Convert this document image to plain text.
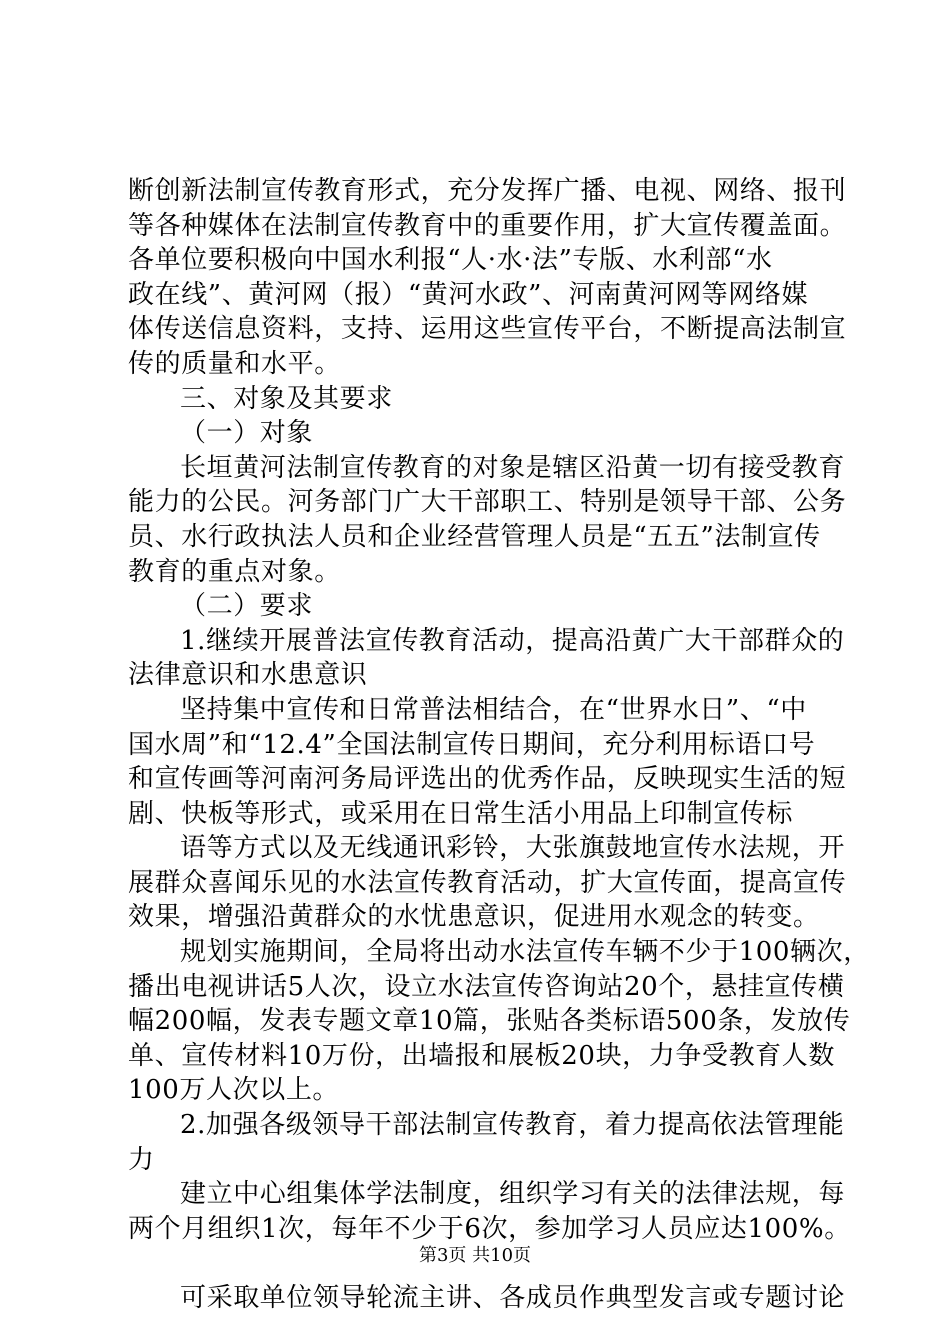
断创新法制宣传教育形式，充分发挥广播、电视、网络、报刊
等各种媒体在法制宣传教育中的重要作用，扩大宣传覆盖面。
各单位要积极向中国水利报“人·水·法”专版、水利部“水
政在线”、黄河网（报）“黄河水政”、河南黄河网等网络媒
体传送信息资料，支持、运用这些宣传平台，不断提高法制宣
传的质量和水平。
三、对象及其要求
（一）对象
长垣黄河法制宣传教育的对象是辖区沿黄一切有接受教育
能力的公民。河务部门广大干部职工、特别是领导干部、公务
员、水行政执法人员和企业经营管理人员是“五五”法制宣传
教育的重点对象。
（二）要求
1.继续开展普法宣传教育活动，提高沿黄广大干部群众的
法律意识和水患意识
坚持集中宣传和日常普法相结合，在“世界水日”、“中
国水周”和“12.4”全国法制宣传日期间，充分利用标语口号
和宣传画等河南河务局评选出的优秀作品，反映现实生活的短
剧、快板等形式，或采用在日常生活小用品上印制宣传标
语等方式以及无线通讯彩铃，大张旗鼓地宣传水法规，开
展群众喜闻乐见的水法宣传教育活动，扩大宣传面，提高宣传
效果，增强沿黄群众的水忧患意识，促进用水观念的转变。
规划实施期间，全局将出动水法宣传车辆不少于100辆次，
播出电视讲话5人次，设立水法宣传咨询站20个，悬挂宣传横
幅200幅，发表专题文章10篇，张贴各类标语500条，发放传
单、宣传材料10万份，出墙报和展板20块，力争受教育人数
100万人次以上。
2.加强各级领导干部法制宣传教育，着力提高依法管理能
力
建立中心组集体学法制度，组织学习有关的法律法规，每
两个月组织1次，每年不少于6次，参加学习人员应达100%。
可采取单位领导轮流主讲、各成员作典型发言或专题讨论
第3页 共10页
